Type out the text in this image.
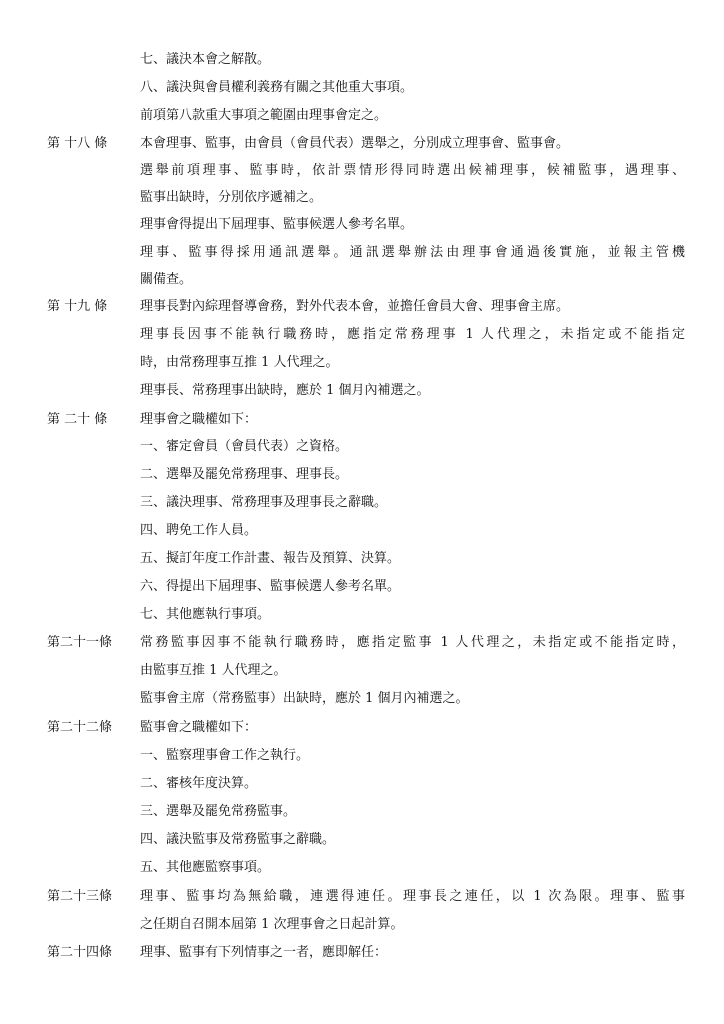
七、議決本會之解散。
八、議決與會員權利義務有關之其他重大事項。
前項第八款重大事項之範圍由理事會定之。
第 十八 條	本會理事、監事，由會員（會員代表）選舉之，分別成立理事會、監事會。
選舉前項理事、監事時，依計票情形得同時選出候補理事，候補監事，遇理事、
監事出缺時，分別依序遞補之。
理事會得提出下屆理事、監事候選人參考名單。
理事、監事得採用通訊選舉。通訊選舉辦法由理事會通過後實施，並報主管機
關備查。
第 十九 條	理事長對內綜理督導會務，對外代表本會，並擔任會員大會、理事會主席。
理事長因事不能執行職務時，應指定常務理事 1 人代理之，未指定或不能指定
時，由常務理事互推 1 人代理之。
理事長、常務理事出缺時，應於 1 個月內補選之。
第 二十 條	理事會之職權如下：
一、審定會員（會員代表）之資格。
二、選舉及罷免常務理事、理事長。
三、議決理事、常務理事及理事長之辭職。
四、聘免工作人員。
五、擬訂年度工作計畫、報告及預算、決算。
六、得提出下屆理事、監事候選人參考名單。
七、其他應執行事項。
第二十一條 常務監事因事不能執行職務時，應指定監事 1 人代理之，未指定或不能指定時，
由監事互推 1 人代理之。
監事會主席（常務監事）出缺時，應於 1 個月內補選之。
第二十二條 監事會之職權如下：
一、監察理事會工作之執行。
二、審核年度決算。
三、選舉及罷免常務監事。
四、議決監事及常務監事之辭職。
五、其他應監察事項。
第二十三條 理事、監事均為無給職，連選得連任。理事長之連任，以 1 次為限。理事、監事
之任期自召開本屆第 1 次理事會之日起計算。
第二十四條 理事、監事有下列情事之一者，應即解任：
